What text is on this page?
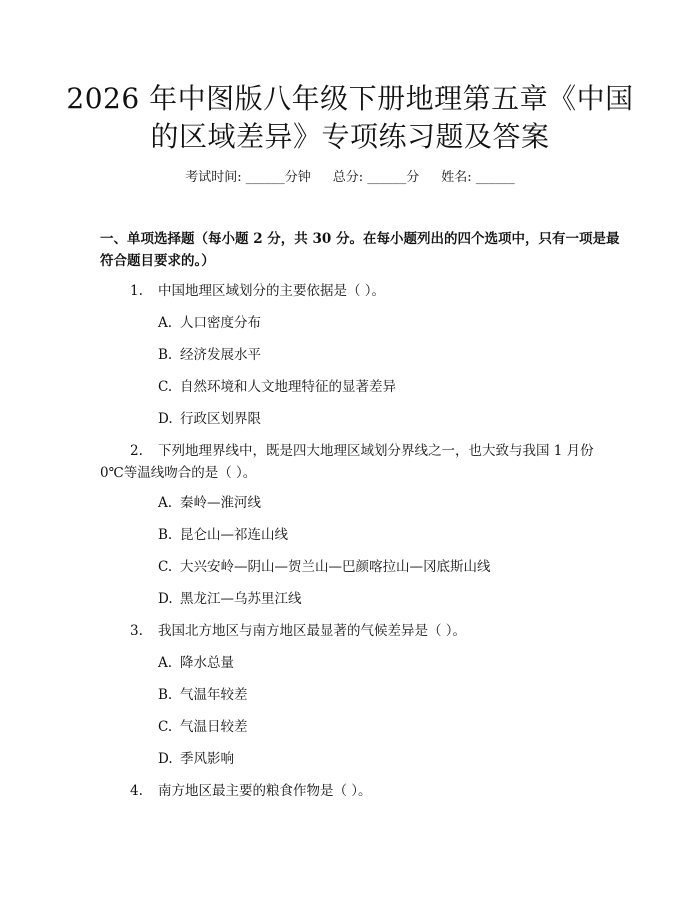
2026 年中图版八年级下册地理第五章《中国
的区域差异》专项练习题及答案
考试时间: ______分钟 总分: ______分 姓名: ______
一、单项选择题（每小题 2 分，共 30 分。在每小题列出的四个选项中，只有一项是最符合题目要求的。）
1. 中国地理区域划分的主要依据是（ ）。
A. 人口密度分布
B. 经济发展水平
C. 自然环境和人文地理特征的显著差异
D. 行政区划界限
2. 下列地理界线中，既是四大地理区域划分界线之一，也大致与我国 1 月份 0℃等温线吻合的是（ ）。
A. 秦岭—淮河线
B. 昆仑山—祁连山线
C. 大兴安岭—阴山—贺兰山—巴颜喀拉山—冈底斯山线
D. 黑龙江—乌苏里江线
3. 我国北方地区与南方地区最显著的气候差异是（ ）。
A. 降水总量
B. 气温年较差
C. 气温日较差
D. 季风影响
4. 南方地区最主要的粮食作物是（ ）。
